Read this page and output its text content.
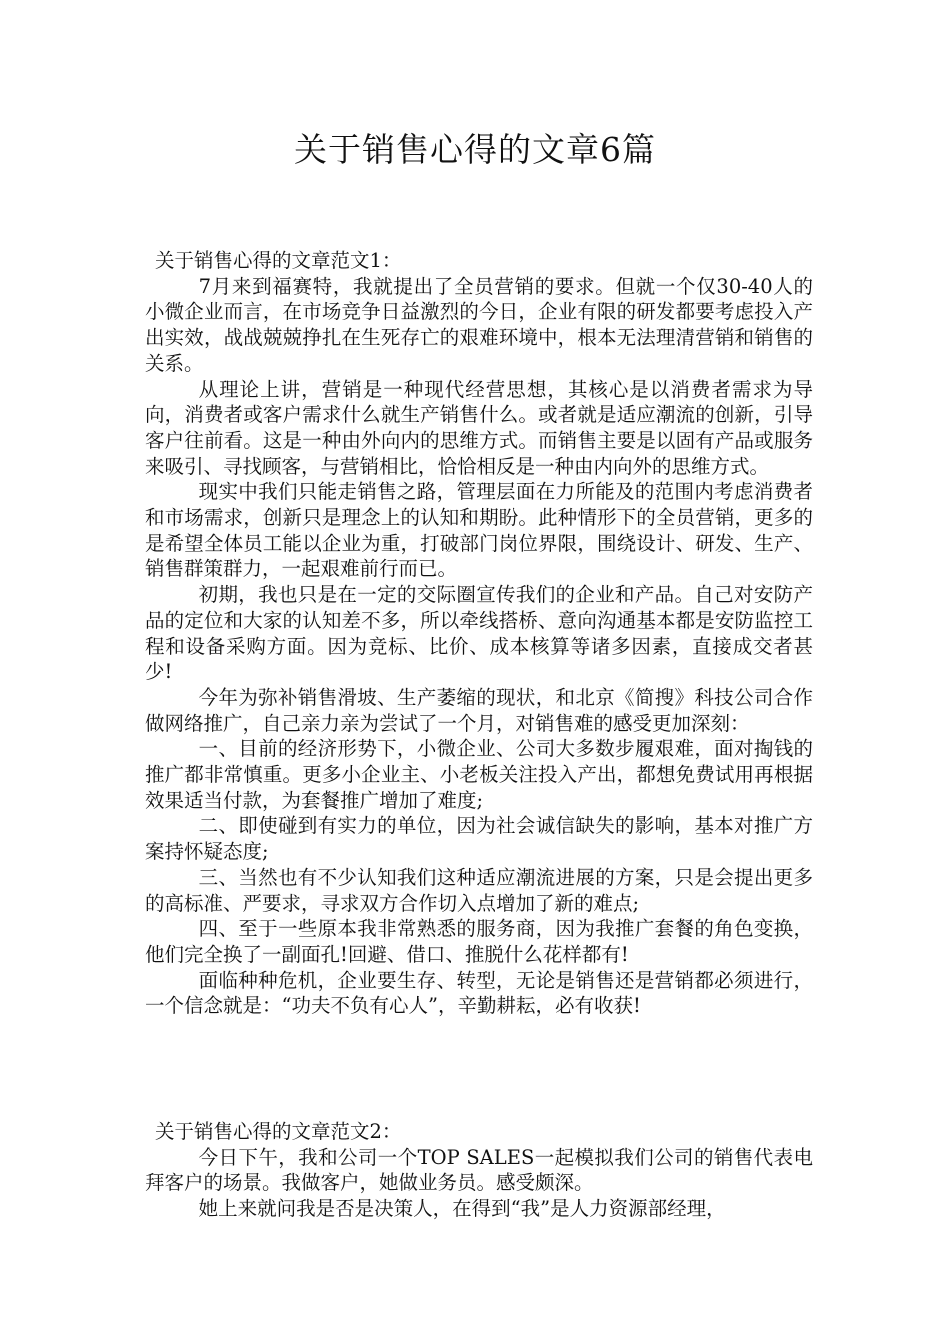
关于销售心得的文章6篇

关于销售心得的文章范文1：

7月来到福赛特，我就提出了全员营销的要求。但就一个仅30-40人的小微企业而言，在市场竞争日益激烈的今日，企业有限的研发都要考虑投入产出实效，战战兢兢挣扎在生死存亡的艰难环境中，根本无法理清营销和销售的关系。

从理论上讲，营销是一种现代经营思想，其核心是以消费者需求为导向，消费者或客户需求什么就生产销售什么。或者就是适应潮流的创新，引导客户往前看。这是一种由外向内的思维方式。而销售主要是以固有产品或服务来吸引、寻找顾客，与营销相比，恰恰相反是一种由内向外的思维方式。

现实中我们只能走销售之路，管理层面在力所能及的范围内考虑消费者和市场需求，创新只是理念上的认知和期盼。此种情形下的全员营销，更多的是希望全体员工能以企业为重，打破部门岗位界限，围绕设计、研发、生产、销售群策群力，一起艰难前行而已。

初期，我也只是在一定的交际圈宣传我们的企业和产品。自己对安防产品的定位和大家的认知差不多，所以牵线搭桥、意向沟通基本都是安防监控工程和设备采购方面。因为竞标、比价、成本核算等诸多因素，直接成交者甚少!

今年为弥补销售滑坡、生产萎缩的现状，和北京《简搜》科技公司合作做网络推广，自己亲力亲为尝试了一个月，对销售难的感受更加深刻：

一、目前的经济形势下，小微企业、公司大多数步履艰难，面对掏钱的推广都非常慎重。更多小企业主、小老板关注投入产出，都想免费试用再根据效果适当付款，为套餐推广增加了难度;

二、即使碰到有实力的单位，因为社会诚信缺失的影响，基本对推广方案持怀疑态度;

三、当然也有不少认知我们这种适应潮流进展的方案，只是会提出更多的高标准、严要求，寻求双方合作切入点增加了新的难点;

四、至于一些原本我非常熟悉的服务商，因为我推广套餐的角色变换，他们完全换了一副面孔!回避、借口、推脱什么花样都有!

面临种种危机，企业要生存、转型，无论是销售还是营销都必须进行，一个信念就是：“功夫不负有心人”，辛勤耕耘，必有收获!

关于销售心得的文章范文2：

今日下午，我和公司一个TOP SALES一起模拟我们公司的销售代表电拜客户的场景。我做客户，她做业务员。感受颇深。

她上来就问我是否是决策人，在得到“我”是人力资源部经理，
